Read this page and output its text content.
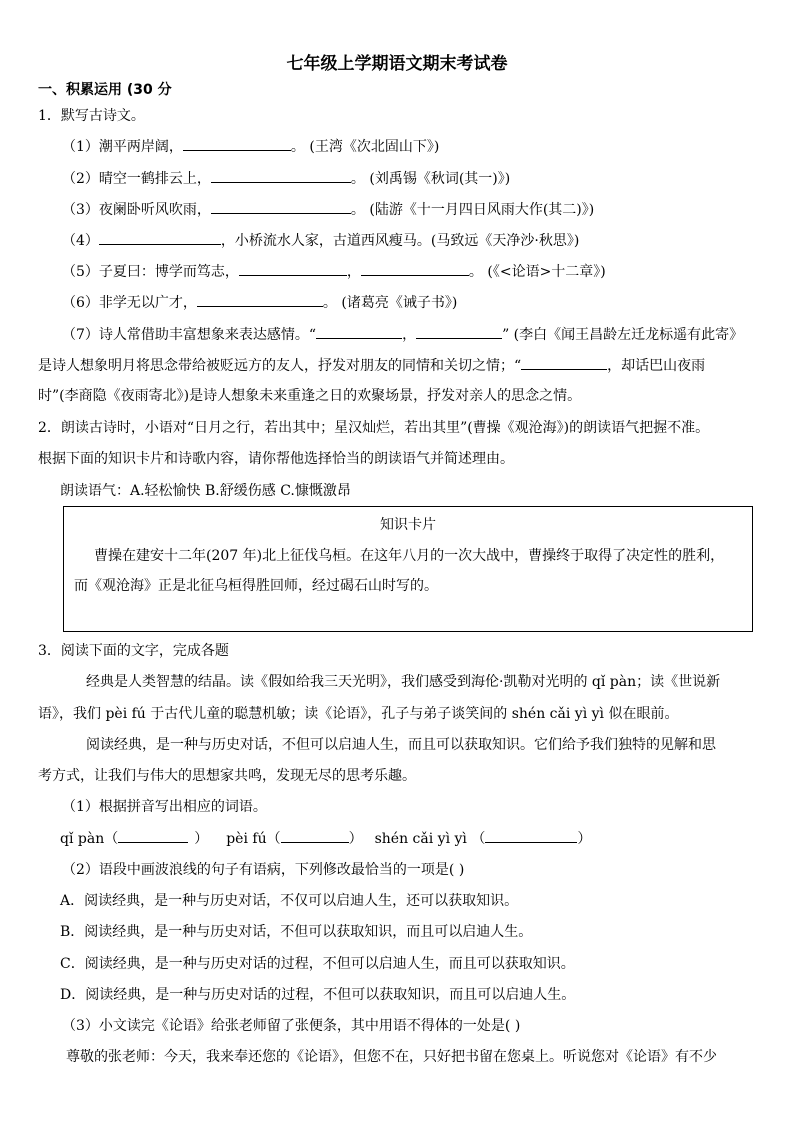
七年级上学期语文期末考试卷
一、积累运用 (30 分
1．默写古诗文。
（1）潮平两岸阔，	。 (王湾《次北固山下》)
（2）晴空一鹤排云上，	。 (刘禹锡《秋词(其一)》)
（3）夜阑卧听风吹雨，	。 (陆游《十一月四日风雨大作(其二)》)
（4）	，小桥流水人家，古道西风瘦马。(马致远《天净沙·秋思》)
（5）子夏曰：博学而笃志，	，	。 (《<论语>十二章》)
（6）非学无以广才，	。 (诸葛亮《诫子书》)
（7）诗人常借助丰富想象来表达感情。“	，	” (李白《闻王昌龄左迁龙标遥有此寄》
是诗人想象明月将思念带给被贬远方的友人，抒发对朋友的同情和关切之情；“	，却话巴山夜雨
时”(李商隐《夜雨寄北》)是诗人想象未来重逢之日的欢聚场景，抒发对亲人的思念之情。
2．朗读古诗时，小语对“日月之行，若出其中；星汉灿烂，若出其里”(曹操《观沧海》)的朗读语气把握不准。
根据下面的知识卡片和诗歌内容，请你帮他选择恰当的朗读语气并简述理由。
朗读语气：A.轻松愉快 B.舒缓伤感 C.慷慨激昂
知识卡片
曹操在建安十二年(207 年)北上征伐乌桓。在这年八月的一次大战中，曹操终于取得了决定性的胜利，
而《观沧海》正是北征乌桓得胜回师，经过碣石山时写的。
3．阅读下面的文字，完成各题
经典是人类智慧的结晶。读《假如给我三天光明》，我们感受到海伦·凯勒对光明的 qǐ pàn；读《世说新
语》，我们 pèi fú 于古代儿童的聪慧机敏；读《论语》，孔子与弟子谈笑间的 shén cǎi yì yì 似在眼前。
阅读经典，是一种与历史对话，不但可以启迪人生，而且可以获取知识。它们给予我们独特的见解和思
考方式，让我们与伟大的思想家共鸣，发现无尽的思考乐趣。
（1）根据拼音写出相应的词语。
qǐ pàn（	） pèi fú（	） shén cǎi yì yì （	）
（2）语段中画波浪线的句子有语病，下列修改最恰当的一项是( )
A．阅读经典，是一种与历史对话，不仅可以启迪人生，还可以获取知识。
B．阅读经典，是一种与历史对话，不但可以获取知识，而且可以启迪人生。
C．阅读经典，是一种与历史对话的过程，不但可以启迪人生，而且可以获取知识。
D．阅读经典，是一种与历史对话的过程，不但可以获取知识，而且可以启迪人生。
（3）小文读完《论语》给张老师留了张便条，其中用语不得体的一处是( )
尊敬的张老师：今天，我来奉还您的《论语》，但您不在，只好把书留在您桌上。听说您对《论语》有不少
